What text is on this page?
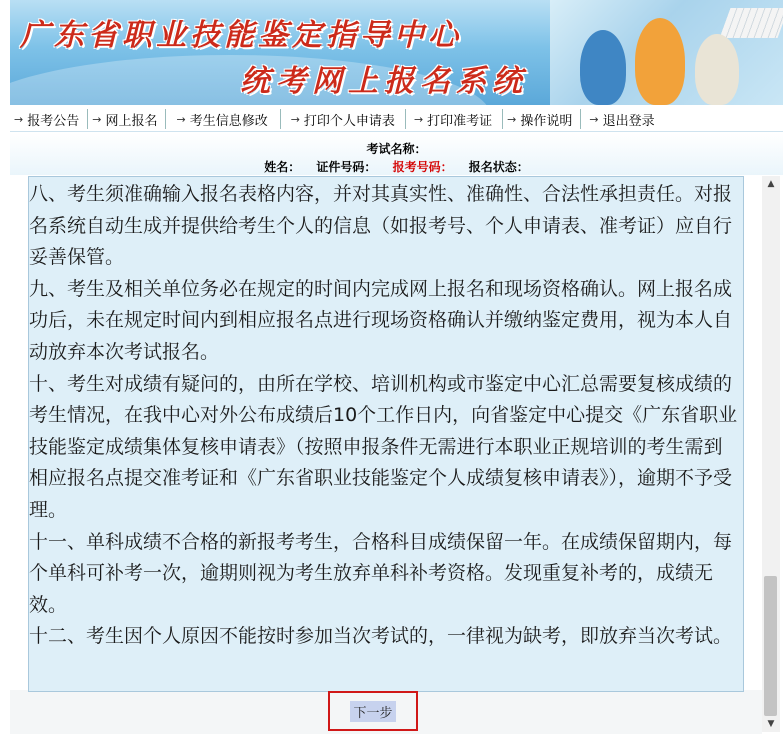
广东省职业技能鉴定指导中心
统考网上报名系统
→ 报考公告 → 网上报名 → 考生信息修改 → 打印个人申请表 → 打印准考证 → 操作说明 → 退出登录
考试名称：
姓名： 证件号码： 报考号码： 报名状态：

八、考生须准确输入报名表格内容，并对其真实性、准确性、合法性承担责任。对报名系统自动生成并提供给考生个人的信息（如报考号、个人申请表、准考证）应自行妥善保管。

九、考生及相关单位务必在规定的时间内完成网上报名和现场资格确认。网上报名成功后，未在规定时间内到相应报名点进行现场资格确认并缴纳鉴定费用，视为本人自动放弃本次考试报名。

十、考生对成绩有疑问的，由所在学校、培训机构或市鉴定中心汇总需要复核成绩的考生情况，在我中心对外公布成绩后10个工作日内，向省鉴定中心提交《广东省职业技能鉴定成绩集体复核申请表》（按照申报条件无需进行本职业正规培训的考生需到相应报名点提交准考证和《广东省职业技能鉴定个人成绩复核申请表》），逾期不予受理。

十一、单科成绩不合格的新报考考生，合格科目成绩保留一年。在成绩保留期内，每个单科可补考一次，逾期则视为考生放弃单科补考资格。发现重复补考的，成绩无效。

十二、考生因个人原因不能按时参加当次考试的，一律视为缺考，即放弃当次考试。

▲
▼
下一步
